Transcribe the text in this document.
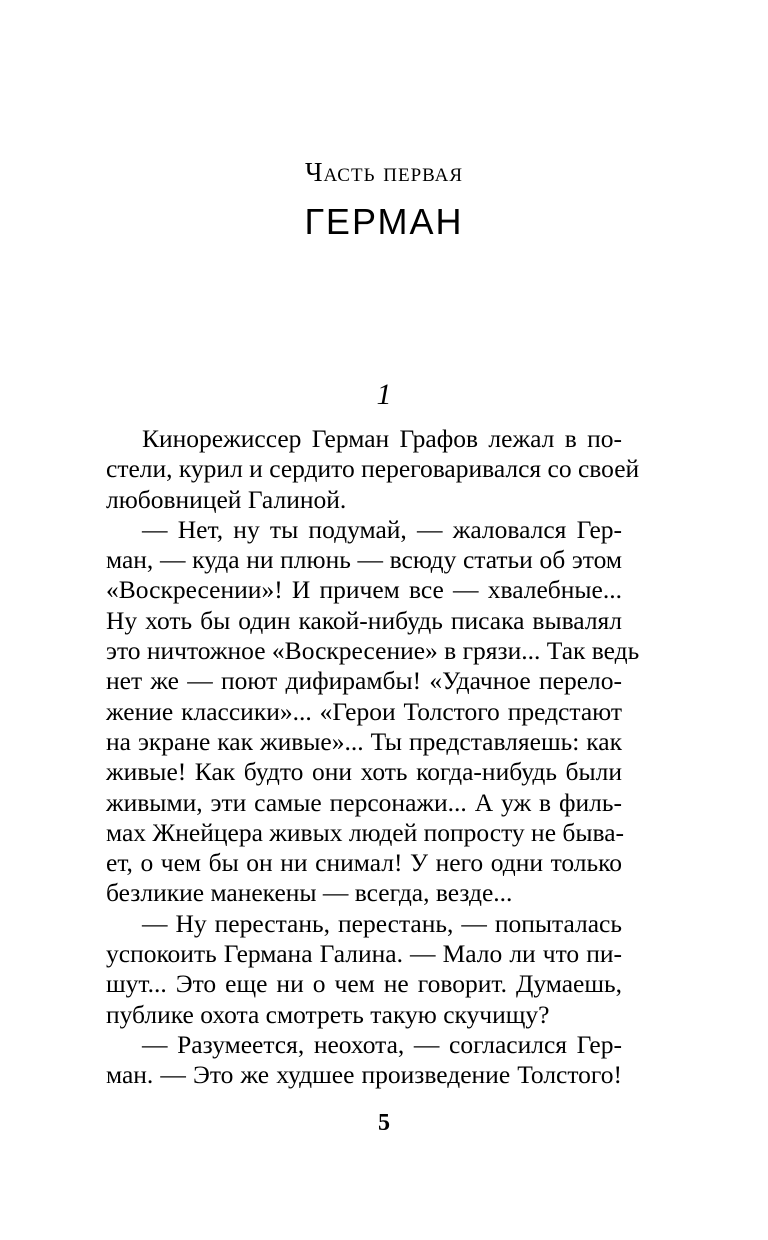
Часть первая
ГЕРМАН
1
Кинорежиссер Герман Графов лежал в по-
стели, курил и сердито переговаривался со своей
любовницей Галиной.
— Нет, ну ты подумай, — жаловался Гер-
ман, — куда ни плюнь — всюду статьи об этом
«Воскресении»! И причем все — хвалебные...
Ну хоть бы один какой-нибудь писака вывалял
это ничтожное «Воскресение» в грязи... Так ведь
нет же — поют дифирамбы! «Удачное перело-
жение классики»... «Герои Толстого предстают
на экране как живые»... Ты представляешь: как
живые! Как будто они хоть когда-нибудь были
живыми, эти самые персонажи... А уж в филь-
мах Жнейцера живых людей попросту не быва-
ет, о чем бы он ни снимал! У него одни только
безликие манекены — всегда, везде...
— Ну перестань, перестань, — попыталась
успокоить Германа Галина. — Мало ли что пи-
шут... Это еще ни о чем не говорит. Думаешь,
публике охота смотреть такую скучищу?
— Разумеется, неохота, — согласился Гер-
ман. — Это же худшее произведение Толстого!
5
